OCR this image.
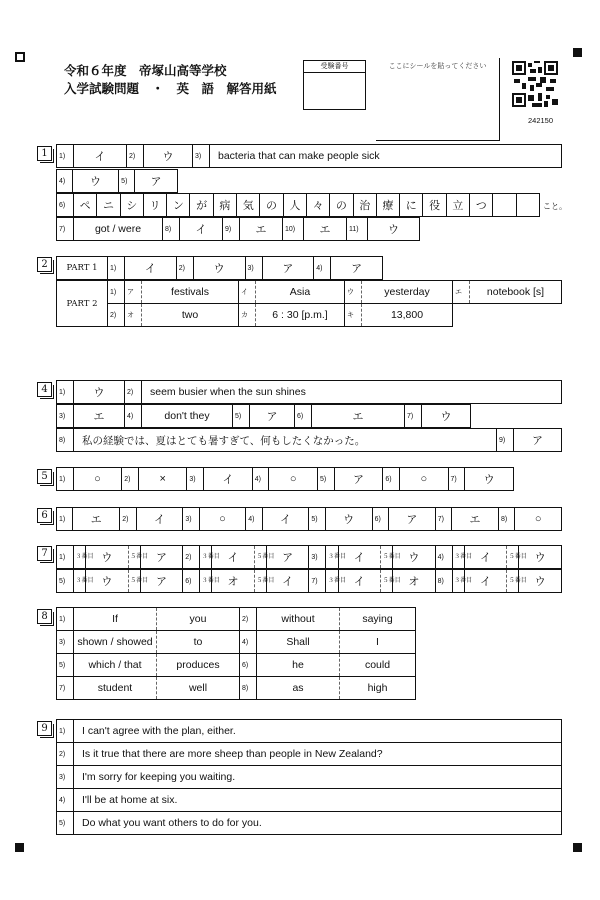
令和６年度　帝塚山高等学校
入学試験問題　・　英　語　解答用紙
受験番号	ここにシールを貼ってください
242150
1	1)	イ	2)	ウ	3)	bacteria that can make people sick
4)	ウ	5)	ア
6)	ペ	ニ	シ	リ	ン	が	病	気	の	人	々	の	治	療	に	役	立	つ			こと。
7)	got / were	8)	イ	9)	エ	10)	エ	11)	ウ
2	PART 1	1)	イ	2)	ウ	3)	ア	4)	ア
PART 2	1)	ア	festivals	イ	Asia	ウ	yesterday	エ	notebook [s]
	2)	オ	two	カ	6 : 30 [p.m.]	キ	13,800		
4	1)	ウ	2)	seem busier when the sun shines
3)	エ	4)	don't they	5)	ア	6)	エ	7)	ウ
8)	私の経験では、夏はとても暑すぎて、何もしたくなかった。	9)	ア
5	1)	○	2)	×	3)	イ	4)	○	5)	ア	6)	○	7)	ウ
6	1)	エ	2)	イ	3)	○	4)	イ	5)	ウ	6)	ア	7)	エ	8)	○
7	1)	３番目	ウ	５番目	ア	2)	３番目	イ	５番目	ア	3)	３番目	イ	５番目	ウ	4)	３番目	イ	５番目	ウ
5)	３番目	ウ	５番目	ア	6)	３番目	オ	５番目	イ	7)	３番目	イ	５番目	オ	8)	３番目	イ	５番目	ウ
8	1)	If	you	2)	without	saying
3)	shown / showed	to	4)	Shall	I
5)	which / that	produces	6)	he	could
7)	student	well	8)	as	high
9	1)	I can't agree with the plan, either.
2)	Is it true that there are more sheep than people in New Zealand?
3)	I'm sorry for keeping you waiting.
4)	I'll be at home at six.
5)	Do what you want others to do for you.
